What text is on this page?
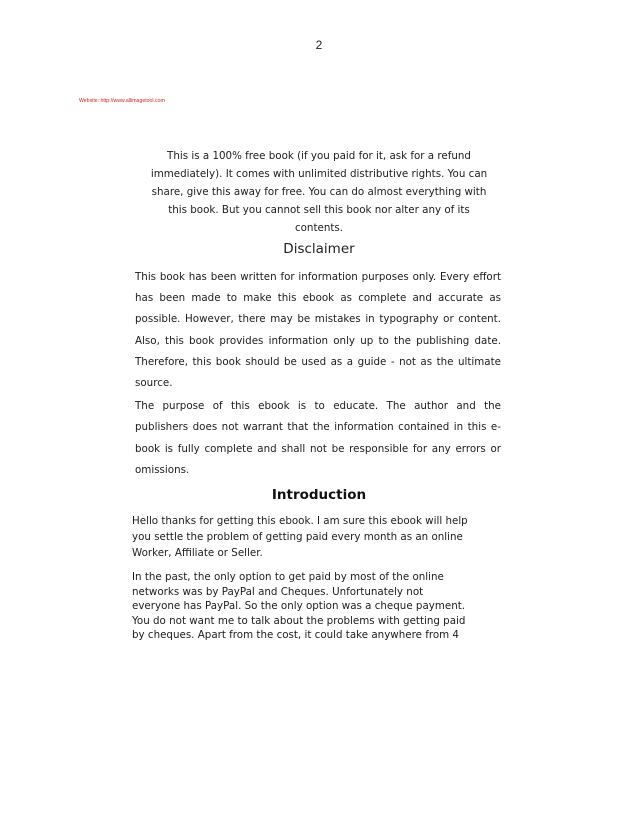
2
Website: http://www.allimagetool.com
This is a 100% free book (if you paid for it, ask for a refund
immediately). It comes with unlimited distributive rights. You can
share, give this away for free. You can do almost everything with
this book. But you cannot sell this book nor alter any of its
contents.
Disclaimer

This book has been written for information purposes only. Every effort has been made to make this ebook as complete and accurate as possible. However, there may be mistakes in typography or content. Also, this book provides information only up to the publishing date. Therefore, this book should be used as a guide - not as the ultimate source.

The purpose of this ebook is to educate. The author and the publishers does not warrant that the information contained in this e-book is fully complete and shall not be responsible for any errors or omissions.

Introduction
Hello thanks for getting this ebook. I am sure this ebook will help
you settle the problem of getting paid every month as an online
Worker, Affiliate or Seller.
In the past, the only option to get paid by most of the online
networks was by PayPal and Cheques. Unfortunately not
everyone has PayPal. So the only option was a cheque payment.
You do not want me to talk about the problems with getting paid
by cheques. Apart from the cost, it could take anywhere from 4
